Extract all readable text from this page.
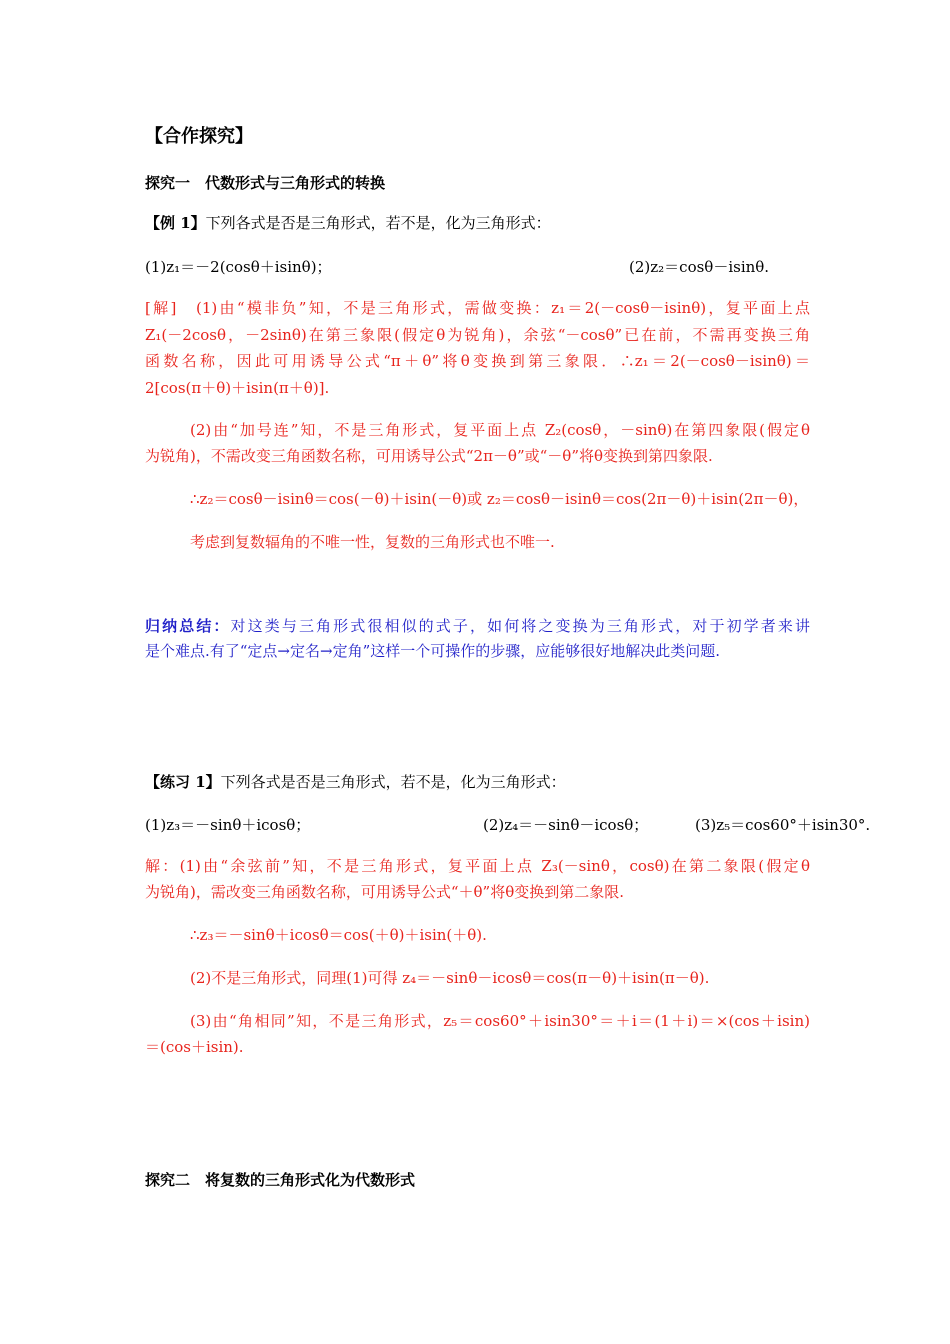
【合作探究】
探究一　代数形式与三角形式的转换
【例 1】下列各式是否是三角形式，若不是，化为三角形式：
(1)z₁＝－2(cosθ＋isinθ)；	(2)z₂＝cosθ－isinθ.
[解]　(1)由“模非负”知，不是三角形式，需做变换：z₁＝2(－cosθ－isinθ)，复平面上点
Z₁(－2cosθ，－2sinθ)在第三象限(假定θ为锐角)，余弦“－cosθ”已在前，不需再变换三角
函数名称，因此可用诱导公式“π＋θ”将θ变换到第三象限．∴z₁＝2(－cosθ－isinθ)＝
2[cos(π＋θ)＋isin(π＋θ)].
(2)由“加号连”知，不是三角形式，复平面上点 Z₂(cosθ，－sinθ)在第四象限(假定θ
为锐角)，不需改变三角函数名称，可用诱导公式“2π－θ”或“－θ”将θ变换到第四象限.
∴z₂＝cosθ－isinθ＝cos(－θ)＋isin(－θ)或 z₂＝cosθ－isinθ＝cos(2π－θ)＋isin(2π－θ)，
考虑到复数辐角的不唯一性，复数的三角形式也不唯一.
归纳总结：对这类与三角形式很相似的式子，如何将之变换为三角形式，对于初学者来讲
是个难点.有了“定点→定名→定角”这样一个可操作的步骤，应能够很好地解决此类问题.
【练习 1】下列各式是否是三角形式，若不是，化为三角形式：
(1)z₃＝－sinθ＋icosθ；	(2)z₄＝－sinθ－icosθ；	(3)z₅＝cos60°＋isin30°.
解：(1)由“余弦前”知，不是三角形式，复平面上点 Z₃(－sinθ，cosθ)在第二象限(假定θ
为锐角)，需改变三角函数名称，可用诱导公式“＋θ”将θ变换到第二象限.
∴z₃＝－sinθ＋icosθ＝cos(＋θ)＋isin(＋θ).
(2)不是三角形式，同理(1)可得 z₄＝－sinθ－icosθ＝cos(π－θ)＋isin(π－θ).
(3)由“角相同”知，不是三角形式，z₅＝cos60°＋isin30°＝＋i＝(1＋i)＝×(cos＋isin)
＝(cos＋isin).
探究二　将复数的三角形式化为代数形式
